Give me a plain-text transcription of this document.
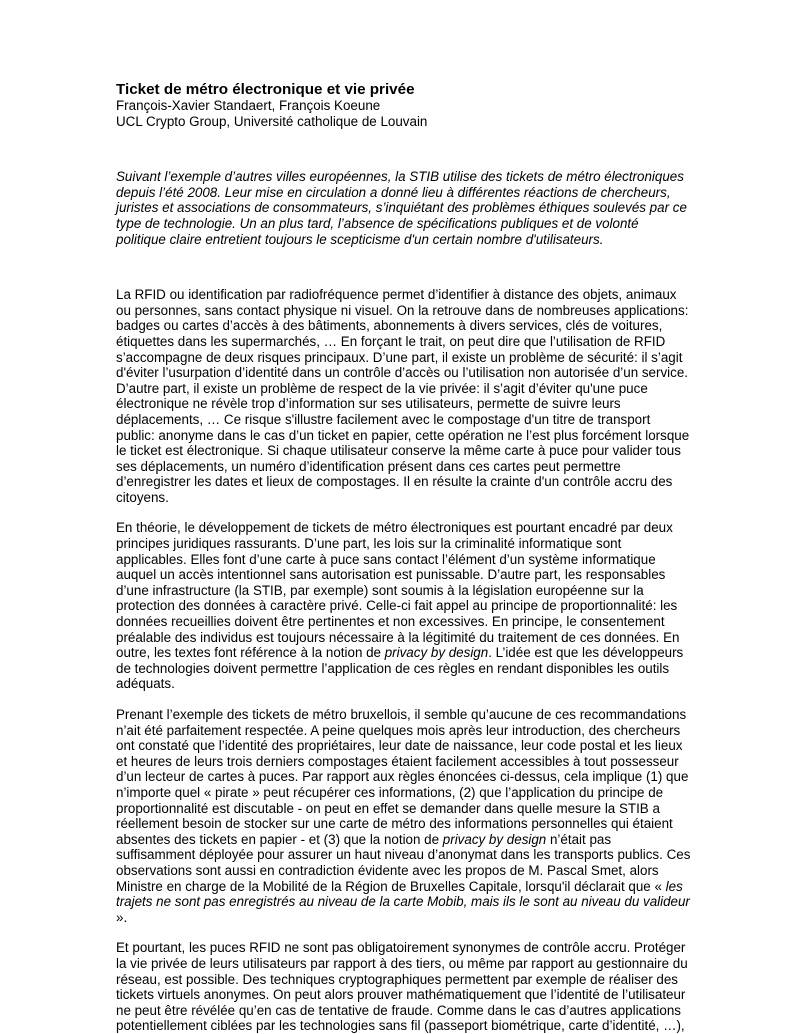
Ticket de métro électronique et vie privée

François-Xavier Standaert, François Koeune

UCL Crypto Group, Université catholique de Louvain

Suivant l’exemple d’autres villes européennes, la STIB utilise des tickets de métro électroniques depuis l’été 2008. Leur mise en circulation a donné lieu à différentes réactions de chercheurs, juristes et associations de consommateurs, s’inquiétant des problèmes éthiques soulevés par ce type de technologie. Un an plus tard, l’absence de spécifications publiques et de volonté politique claire entretient toujours le scepticisme d'un certain nombre d'utilisateurs.

La RFID ou identification par radiofréquence permet d’identifier à distance des objets, animaux ou personnes, sans contact physique ni visuel. On la retrouve dans de nombreuses applications: badges ou cartes d’accès à des bâtiments, abonnements à divers services, clés de voitures, étiquettes dans les supermarchés, … En forçant le trait, on peut dire que l’utilisation de RFID s’accompagne de deux risques principaux. D’une part, il existe un problème de sécurité: il s’agit d'éviter l’usurpation d’identité dans un contrôle d’accès ou l’utilisation non autorisée d’un service. D’autre part, il existe un problème de respect de la vie privée: il s’agit d’éviter qu'une puce électronique ne révèle trop d’information sur ses utilisateurs, permette de suivre leurs déplacements, … Ce risque s'illustre facilement avec le compostage d'un titre de transport public: anonyme dans le cas d’un ticket en papier, cette opération ne l’est plus forcément lorsque le ticket est électronique. Si chaque utilisateur conserve la même carte à puce pour valider tous ses déplacements, un numéro d’identification présent dans ces cartes peut permettre d’enregistrer les dates et lieux de compostages. Il en résulte la crainte d'un contrôle accru des citoyens.

En théorie, le développement de tickets de métro électroniques est pourtant encadré par deux principes juridiques rassurants. D’une part, les lois sur la criminalité informatique sont applicables. Elles font d’une carte à puce sans contact l’élément d’un système informatique auquel un accès intentionnel sans autorisation est punissable. D’autre part, les responsables d’une infrastructure (la STIB, par exemple) sont soumis à la législation européenne sur la protection des données à caractère privé. Celle-ci fait appel au principe de proportionnalité: les données recueillies doivent être pertinentes et non excessives. En principe, le consentement préalable des individus est toujours nécessaire à la légitimité du traitement de ces données. En outre, les textes font référence à la notion de privacy by design. L’idée est que les développeurs de technologies doivent permettre l’application de ces règles en rendant disponibles les outils adéquats.

Prenant l’exemple des tickets de métro bruxellois, il semble qu’aucune de ces recommandations n’ait été parfaitement respectée. A peine quelques mois après leur introduction, des chercheurs ont constaté que l’identité des propriétaires, leur date de naissance, leur code postal et les lieux et heures de leurs trois derniers compostages étaient facilement accessibles à tout possesseur d’un lecteur de cartes à puces. Par rapport aux règles énoncées ci-dessus, cela implique (1) que n’importe quel « pirate » peut récupérer ces informations, (2) que l’application du principe de proportionnalité est discutable - on peut en effet se demander dans quelle mesure la STIB a réellement besoin de stocker sur une carte de métro des informations personnelles qui étaient absentes des tickets en papier - et (3) que la notion de privacy by design n’était pas suffisamment déployée pour assurer un haut niveau d’anonymat dans les transports publics. Ces observations sont aussi en contradiction évidente avec les propos de M. Pascal Smet, alors Ministre en charge de la Mobilité de la Région de Bruxelles Capitale, lorsqu'il déclarait que « les trajets ne sont pas enregistrés au niveau de la carte Mobib, mais ils le sont au niveau du valideur ».

Et pourtant, les puces RFID ne sont pas obligatoirement synonymes de contrôle accru. Protéger la vie privée de leurs utilisateurs par rapport à des tiers, ou même par rapport au gestionnaire du réseau, est possible. Des techniques cryptographiques permettent par exemple de réaliser des tickets virtuels anonymes. On peut alors prouver mathématiquement que l’identité de l’utilisateur ne peut être révélée qu’en cas de tentative de fraude. Comme dans le cas d’autres applications potentiellement ciblées par les technologies sans fil (passeport biométrique, carte d’identité, …),
